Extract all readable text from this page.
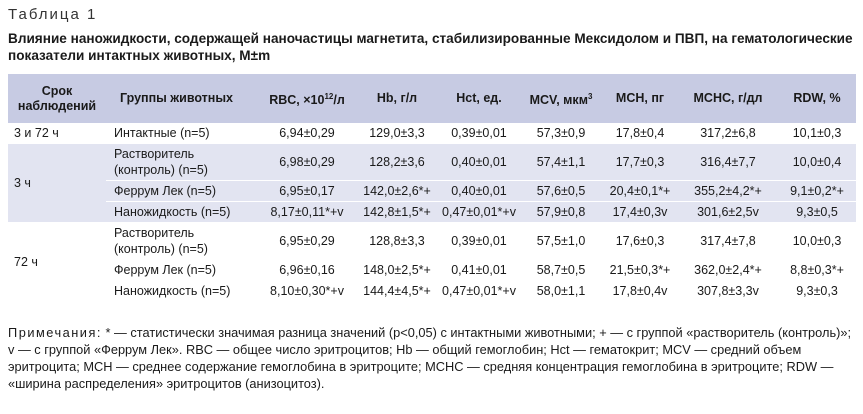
Таблица 1
Влияние наножидкости, содержащей наночастицы магнетита, стабилизированные Мексидолом и ПВП, на гематологические показатели интактных животных, M±m
Срок наблюдений	Группы животных	RBC, $\times 10^{12}/л$	Hb, г/л	Hct, ед.	MCV, мкм$^3$	MCH, пг	MCHC, г/дл	RDW, %
3 и 72 ч	Интактные (n=5)	6,94±0,29	129,0±3,3	0,39±0,01	57,3±0,9	17,8±0,4	317,2±6,8	10,1±0,3
3 ч	Растворитель (контроль) (n=5)	6,98±0,29	128,2±3,6	0,40±0,01	57,4±1,1	17,7±0,3	316,4±7,7	10,0±0,4
	Феррум Лек (n=5)	6,95±0,17	142,0±2,6*+	0,40±0,01	57,6±0,5	20,4±0,1*+	355,2±4,2*+	9,1±0,2*+
	Наножидкость (n=5)	8,17±0,11*+v	142,8±1,5*+	0,47±0,01*+v	57,9±0,8	17,4±0,3v	301,6±2,5v	9,3±0,5
72 ч	Растворитель (контроль) (n=5)	6,95±0,29	128,8±3,3	0,39±0,01	57,5±1,0	17,6±0,3	317,4±7,8	10,0±0,3
	Феррум Лек (n=5)	6,96±0,16	148,0±2,5*+	0,41±0,01	58,7±0,5	21,5±0,3*+	362,0±2,4*+	8,8±0,3*+
	Наножидкость (n=5)	8,10±0,30*+v	144,4±4,5*+	0,47±0,01*+v	58,0±1,1	17,8±0,4v	307,8±3,3v	9,3±0,3
Примечания: * — статистически значимая разница значений (p<0,05) с интактными животными; + — с группой «растворитель (контроль)»; v — с группой «Феррум Лек». RBC — общее число эритроцитов; Hb — общий гемоглобин; Hct — гематокрит; MCV — средний объем эритроцита; MCH — среднее содержание гемоглобина в эритроците; MCHC — средняя концентрация гемоглобина в эритроците; RDW — «ширина распределения» эритроцитов (анизоцитоз).
